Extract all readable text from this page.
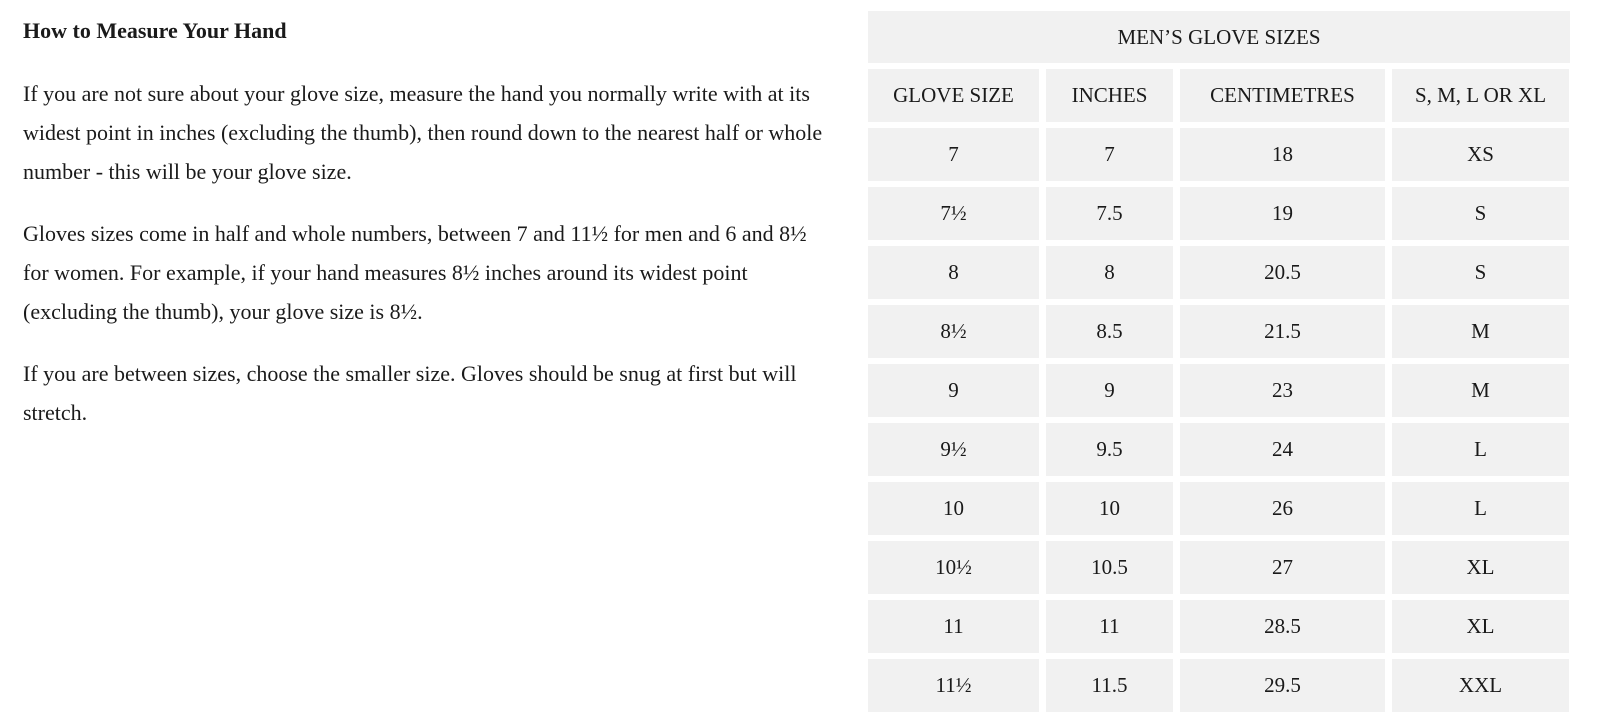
How to Measure Your Hand

If you are not sure about your glove size, measure the hand you normally write with at its widest point in inches (excluding the thumb), then round down to the nearest half or whole number - this will be your glove size.

Gloves sizes come in half and whole numbers, between 7 and 11½ for men and 6 and 8½ for women. For example, if your hand measures 8½ inches around its widest point (excluding the thumb), your glove size is 8½.

If you are between sizes, choose the smaller size. Gloves should be snug at first but will stretch.

MEN’S GLOVE SIZES
GLOVE SIZE	INCHES	CENTIMETRES	S, M, L OR XL
7	7	18	XS
7½	7.5	19	S
8	8	20.5	S
8½	8.5	21.5	M
9	9	23	M
9½	9.5	24	L
10	10	26	L
10½	10.5	27	XL
11	11	28.5	XL
11½	11.5	29.5	XXL
